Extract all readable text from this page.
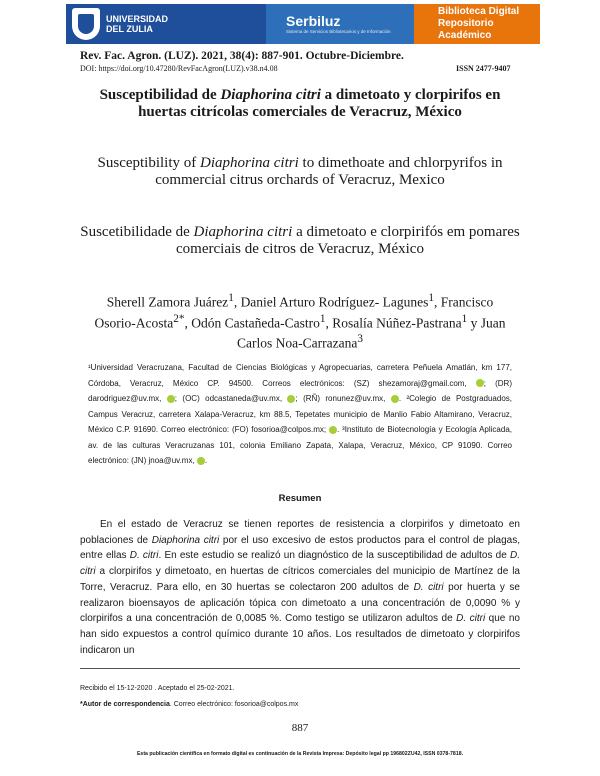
UNIVERSIDAD
DEL ZULIA	Serbiluz
Sistema de Servicios Bibliotecarios y de Información
Biblioteca Digital
Repositorio Académico
Rev. Fac. Agron. (LUZ). 2021, 38(4): 887-901. Octubre-Diciembre.
DOI: https://doi.org/10.47280/RevFacAgron(LUZ).v38.n4.08	ISSN 2477-9407
Susceptibilidad de Diaphorina citri a dimetoato y clorpirifos en huertas citrícolas comerciales de Veracruz, México
Susceptibility of Diaphorina citri to dimethoate and chlorpyrifos in commercial citrus orchards of Veracruz, Mexico
Suscetibilidade de Diaphorina citri a dimetoato e clorpirifós em pomares comerciais de citros de Veracruz, México
Sherell Zamora Juárez$^1$, Daniel Arturo Rodríguez- Lagunes$^1$, Francisco Osorio-Acosta$^{2*}$, Odón Castañeda-Castro$^1$, Rosalía Núñez-Pastrana$^1$ y Juan Carlos Noa-Carrazana$^3$
¹Universidad Veracruzana, Facultad de Ciencias Biológicas y Agropecuarias, carretera Peñuela Amatlán, km 177, Córdoba, Veracruz, México CP. 94500. Correos electrónicos: (SZ) shezamoraj@gmail.com, ; (DR) darodriguez@uv.mx, ; (OC) odcastaneda@uv.mx, ; (RÑ) ronunez@uv.mx, . ²Colegio de Postgraduados, Campus Veracruz, carretera Xalapa-Veracruz, km 88.5, Tepetates municipio de Manlio Fabio Altamirano, Veracruz, México C.P. 91690. Correo electrónico: (FO) fosorioa@colpos.mx; . ³Instituto de Biotecnología y Ecología Aplicada, av. de las culturas Veracruzanas 101, colonia Emiliano Zapata, Xalapa, Veracruz, México, CP 91090. Correo electrónico: (JN) jnoa@uv.mx, .
Resumen

En el estado de Veracruz se tienen reportes de resistencia a clorpirifos y dimetoato en poblaciones de Diaphorina citri por el uso excesivo de estos productos para el control de plagas, entre ellas D. citri. En este estudio se realizó un diagnóstico de la susceptibilidad de adultos de D. citri a clorpirifos y dimetoato, en huertas de cítricos comerciales del municipio de Martínez de la Torre, Veracruz. Para ello, en 30 huertas se colectaron 200 adultos de D. citri por huerta y se realizaron bioensayos de aplicación tópica con dimetoato a una concentración de 0,0090 % y clorpirifos a una concentración de 0,0085 %. Como testigo se utilizaron adultos de D. citri que no han sido expuestos a control químico durante 10 años. Los resultados de dimetoato y clorpirifos indicaron un

Recibido el 15-12-2020 . Aceptado el 25-02-2021.
*Autor de correspondencia. Correo electrónico: fosorioa@colpos.mx
887
Esta publicación científica en formato digital es continuación de la Revista Impresa: Depósito legal pp 196802ZU42, ISSN 0378-7818.
